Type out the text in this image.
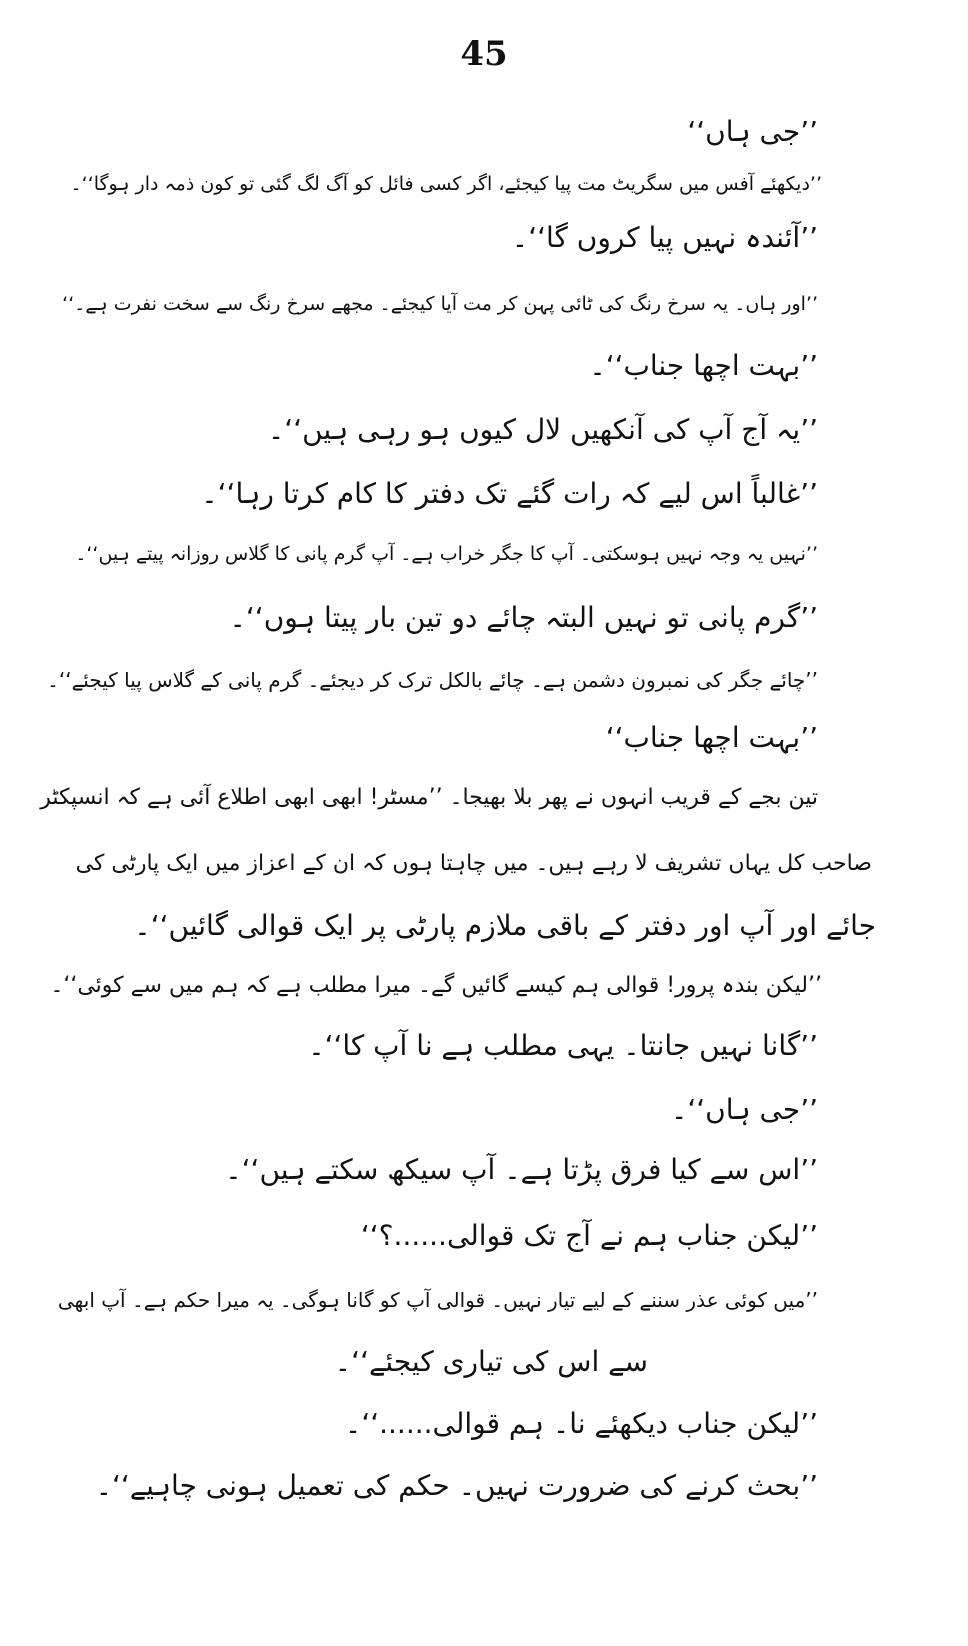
45
’’جی ہاں‘‘
’’دیکھئے آفس میں سگریٹ مت پیا کیجئے، اگر کسی فائل کو آگ لگ گئی تو کون ذمہ دار ہوگا‘‘۔
’’آئندہ نہیں پیا کروں گا‘‘۔
’’اور ہاں۔ یہ سرخ رنگ کی ٹائی پہن کر مت آیا کیجئے۔ مجھے سرخ رنگ سے سخت نفرت ہے۔‘‘
’’بہت اچھا جناب‘‘۔
’’یہ آج آپ کی آنکھیں لال کیوں ہو رہی ہیں‘‘۔
’’غالباً اس لیے کہ رات گئے تک دفتر کا کام کرتا رہا‘‘۔
’’نہیں یہ وجہ نہیں ہوسکتی۔ آپ کا جگر خراب ہے۔ آپ گرم پانی کا گلاس روزانہ پیتے ہیں‘‘۔
’’گرم پانی تو نہیں البتہ چائے دو تین بار پیتا ہوں‘‘۔
’’چائے جگر کی نمبرون دشمن ہے۔ چائے بالکل ترک کر دیجئے۔ گرم پانی کے گلاس پیا کیجئے‘‘۔
’’بہت اچھا جناب‘‘
تین بجے کے قریب انہوں نے پھر بلا بھیجا۔ ’’مسٹر! ابھی ابھی اطلاع آئی ہے کہ انسپکٹر
صاحب کل یہاں تشریف لا رہے ہیں۔ میں چاہتا ہوں کہ ان کے اعزاز میں ایک پارٹی کی
جائے اور آپ اور دفتر کے باقی ملازم پارٹی پر ایک قوالی گائیں‘‘۔
’’لیکن بندہ پرور! قوالی ہم کیسے گائیں گے۔ میرا مطلب ہے کہ ہم میں سے کوئی‘‘۔
’’گانا نہیں جانتا۔ یہی مطلب ہے نا آپ کا‘‘۔
’’جی ہاں‘‘۔
’’اس سے کیا فرق پڑتا ہے۔ آپ سیکھ سکتے ہیں‘‘۔
’’لیکن جناب ہم نے آج تک قوالی......؟‘‘
’’میں کوئی عذر سننے کے لیے تیار نہیں۔ قوالی آپ کو گانا ہوگی۔ یہ میرا حکم ہے۔ آپ ابھی
سے اس کی تیاری کیجئے‘‘۔
’’لیکن جناب دیکھئے نا۔ ہم قوالی......‘‘۔
’’بحث کرنے کی ضرورت نہیں۔ حکم کی تعمیل ہونی چاہیے‘‘۔
